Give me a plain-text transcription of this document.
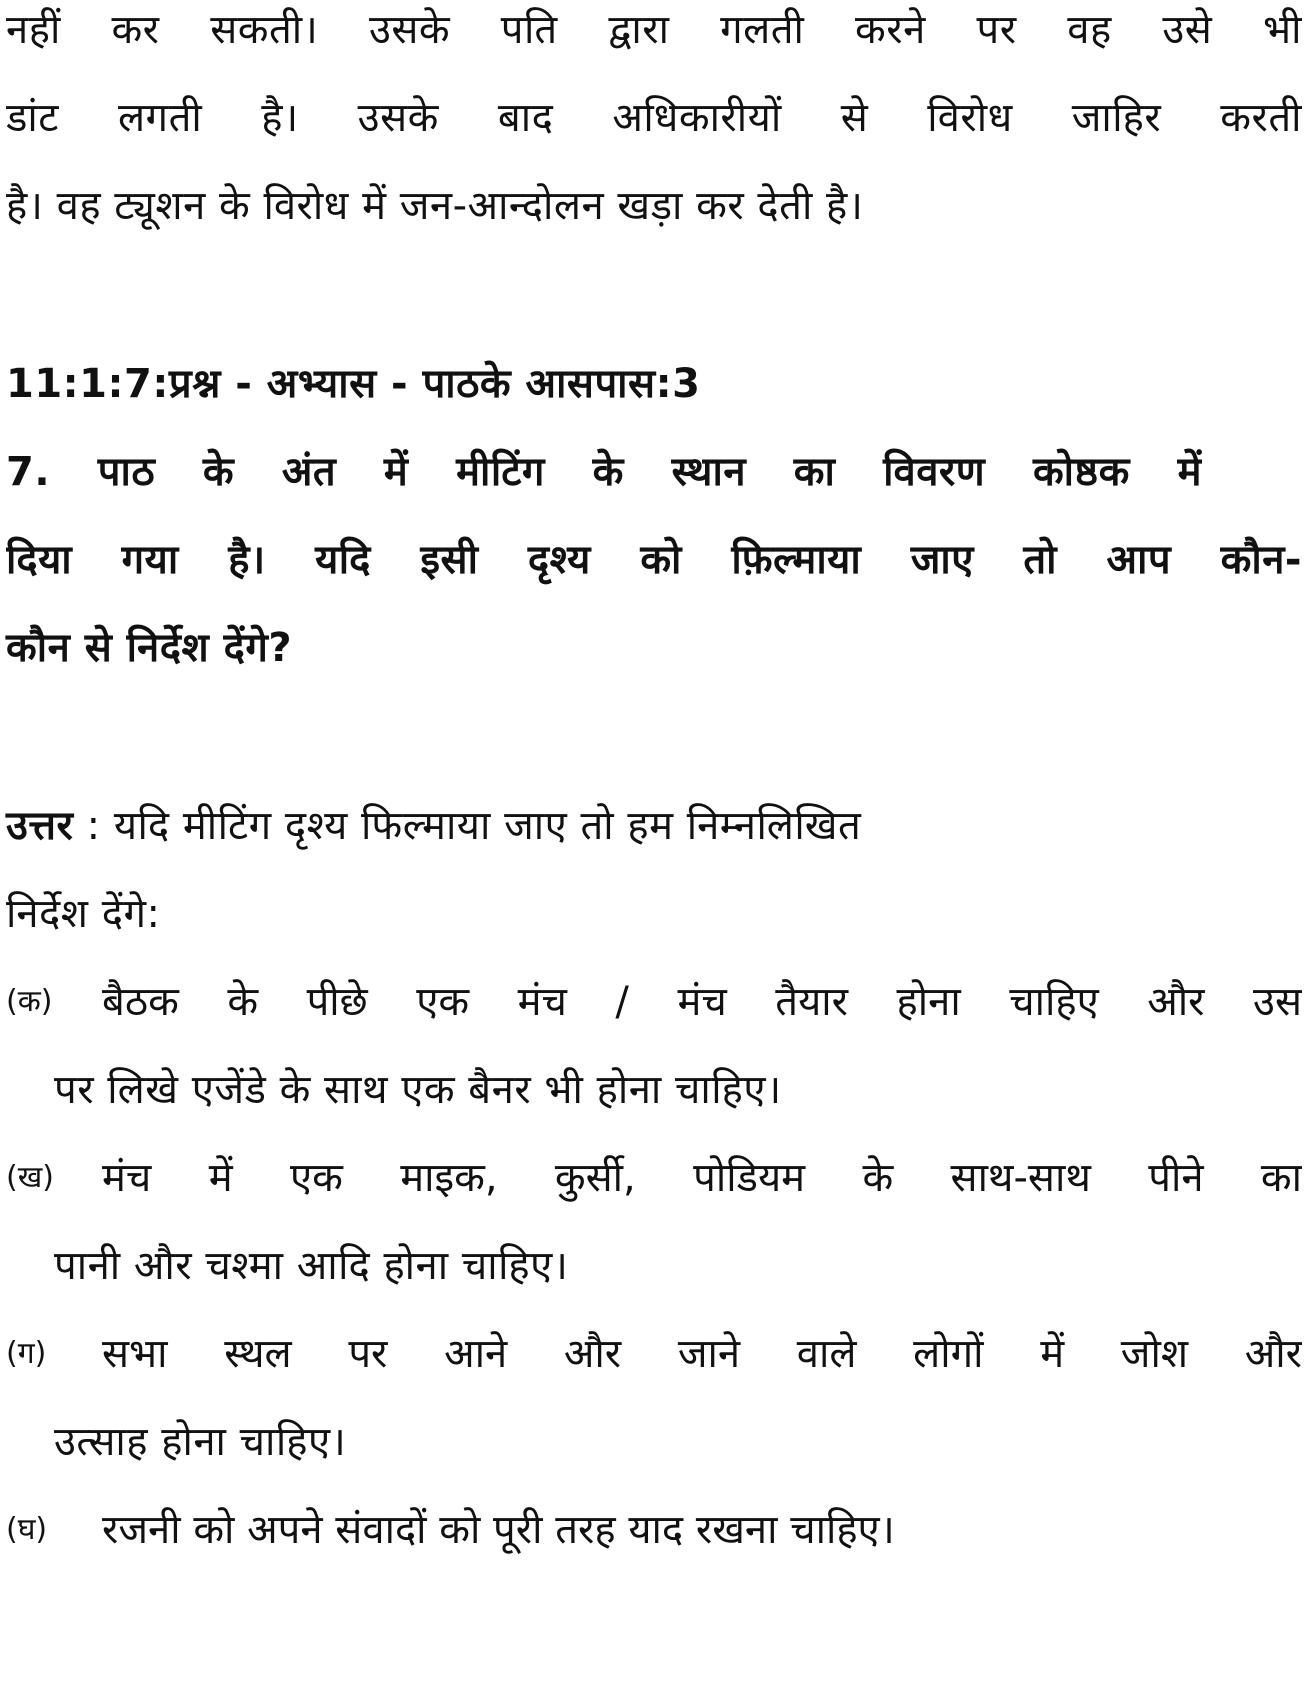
नहीं कर सकती। उसके पति द्वारा गलती करने पर वह उसे भी
डांट लगती है। उसके बाद अधिकारीयों से विरोध जाहिर करती
है। वह ट्यूशन के विरोध में जन-आन्दोलन खड़ा कर देती है।
11:1:7:प्रश्न - अभ्यास - पाठके आसपास:3
7. पाठ के अंत में मीटिंग के स्थान का विवरण कोष्ठक में
दिया गया है। यदि इसी दृश्य को फ़िल्माया जाए तो आप कौन-
कौन से निर्देश देंगे?
उत्तर : यदि मीटिंग दृश्य फिल्माया जाए तो हम निम्नलिखित
निर्देश देंगे:
(क)	बैठक के पीछे एक मंच / मंच तैयार होना चाहिए और उस
पर लिखे एजेंडे के साथ एक बैनर भी होना चाहिए।
(ख)	मंच में एक माइक, कुर्सी, पोडियम के साथ-साथ पीने का
पानी और चश्मा आदि होना चाहिए।
(ग)	सभा स्थल पर आने और जाने वाले लोगों में जोश और
उत्साह होना चाहिए।
(घ)	रजनी को अपने संवादों को पूरी तरह याद रखना चाहिए।
